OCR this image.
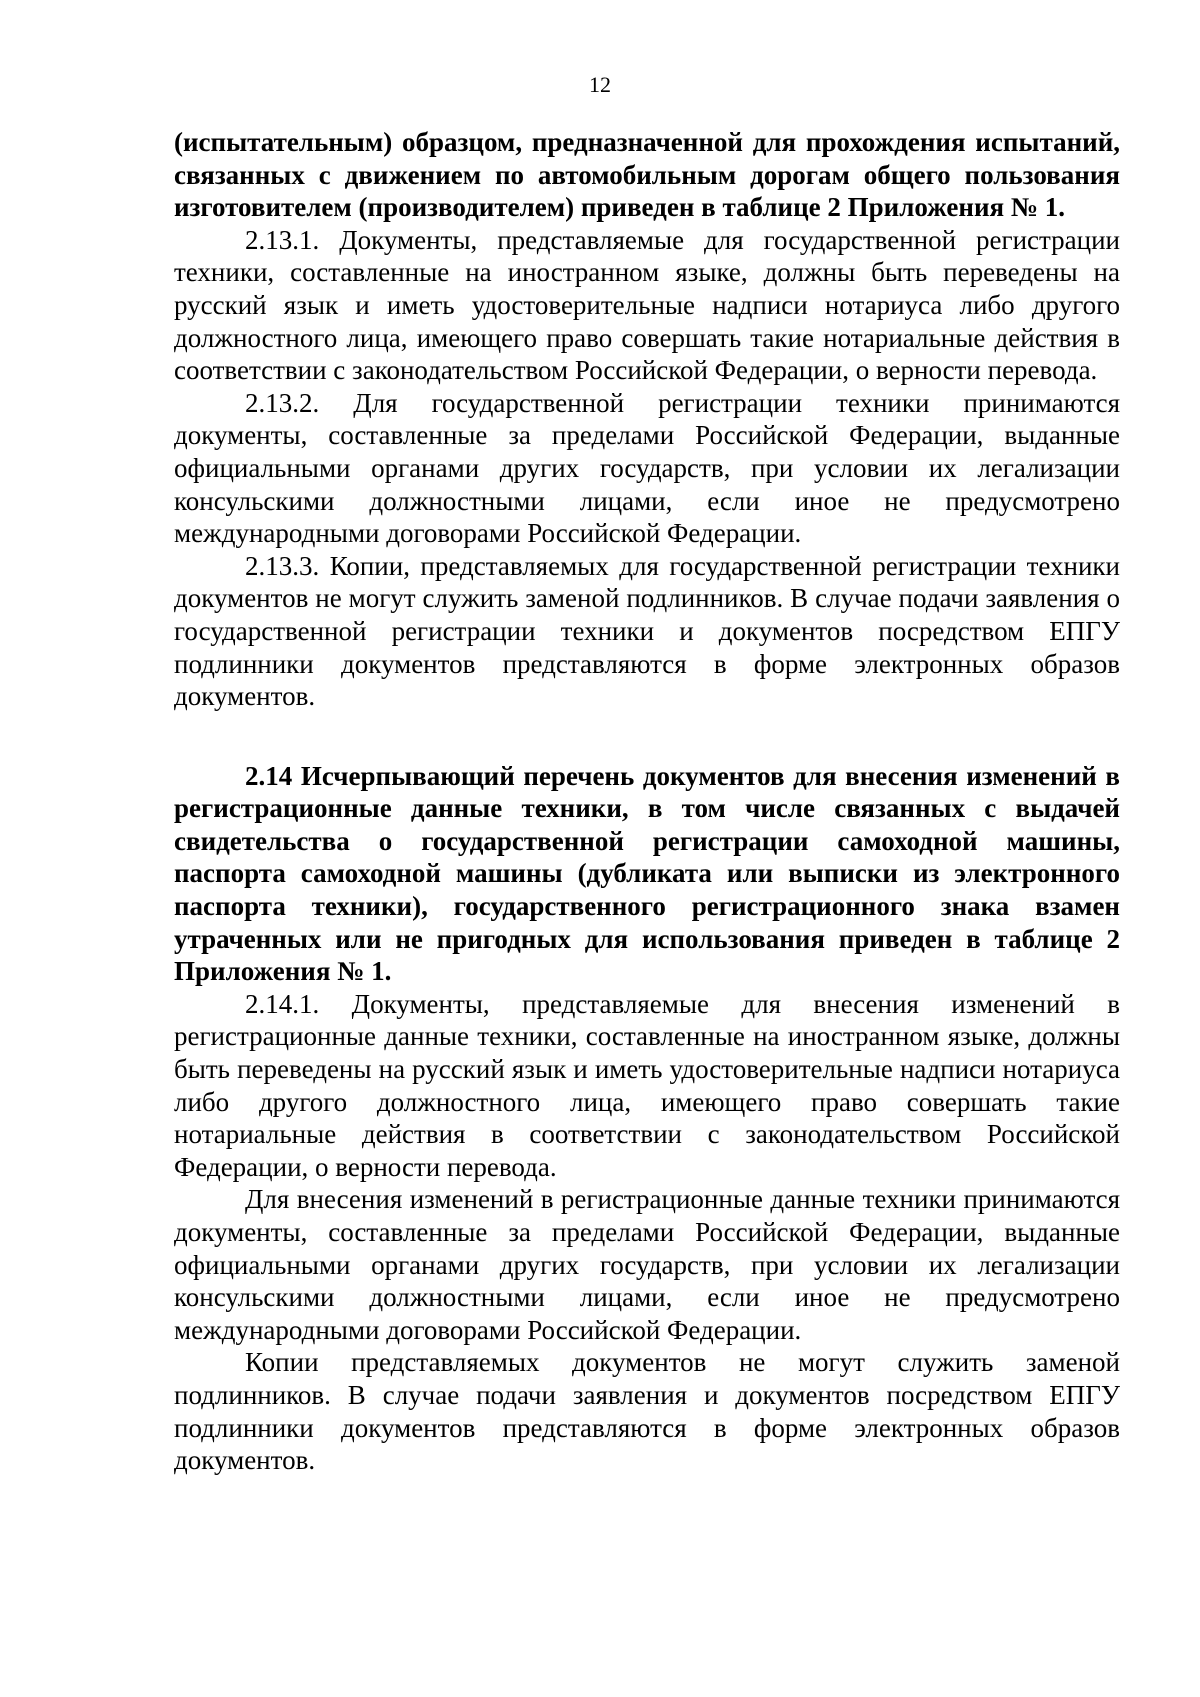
12

(испытательным) образцом, предназначенной для прохождения испытаний, связанных с движением по автомобильным дорогам общего пользования изготовителем (производителем) приведен в таблице 2 Приложения № 1.

2.13.1. Документы, представляемые для государственной регистрации техники, составленные на иностранном языке, должны быть переведены на русский язык и иметь удостоверительные надписи нотариуса либо другого должностного лица, имеющего право совершать такие нотариальные действия в соответствии с законодательством Российской Федерации, о верности перевода.

2.13.2. Для государственной регистрации техники принимаются документы, составленные за пределами Российской Федерации, выданные официальными органами других государств, при условии их легализации консульскими должностными лицами, если иное не предусмотрено международными договорами Российской Федерации.

2.13.3. Копии, представляемых для государственной регистрации техники документов не могут служить заменой подлинников. В случае подачи заявления о государственной регистрации техники и документов посредством ЕПГУ подлинники документов представляются в форме электронных образов документов.

2.14 Исчерпывающий перечень документов для внесения изменений в регистрационные данные техники, в том числе связанных с выдачей свидетельства о государственной регистрации самоходной машины, паспорта самоходной машины (дубликата или выписки из электронного паспорта техники), государственного регистрационного знака взамен утраченных или не пригодных для использования приведен в таблице 2 Приложения № 1.

2.14.1. Документы, представляемые для внесения изменений в регистрационные данные техники, составленные на иностранном языке, должны быть переведены на русский язык и иметь удостоверительные надписи нотариуса либо другого должностного лица, имеющего право совершать такие нотариальные действия в соответствии с законодательством Российской Федерации, о верности перевода.

Для внесения изменений в регистрационные данные техники принимаются документы, составленные за пределами Российской Федерации, выданные официальными органами других государств, при условии их легализации консульскими должностными лицами, если иное не предусмотрено международными договорами Российской Федерации.

Копии представляемых документов не могут служить заменой подлинников. В случае подачи заявления и документов посредством ЕПГУ подлинники документов представляются в форме электронных образов документов.
